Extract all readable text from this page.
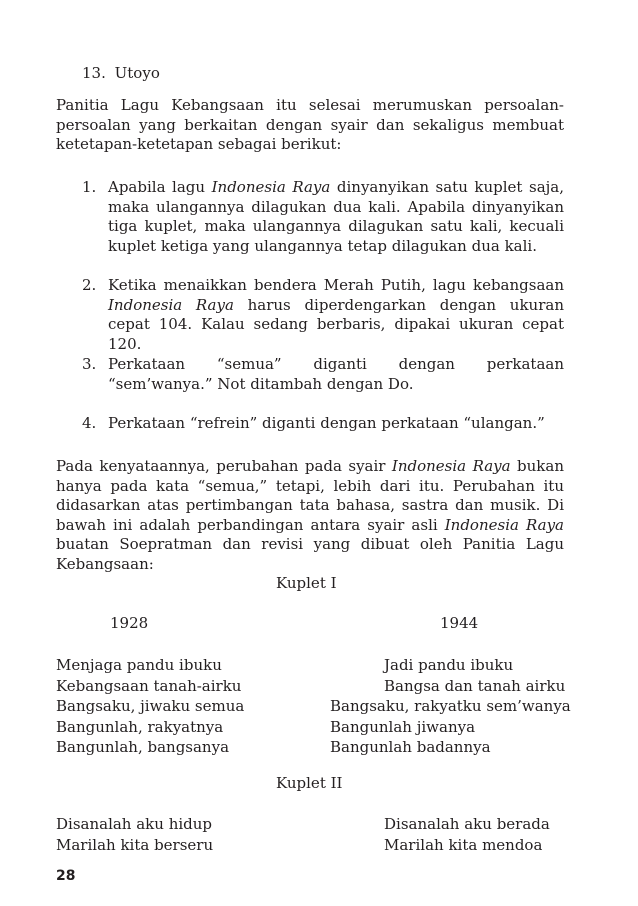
13. Utoyo
Panitia Lagu Kebangsaan itu selesai merumuskan persoalan-persoalan yang berkaitan dengan syair dan sekaligus membuat ketetapan-ketetapan sebagai berikut:
1. Apabila lagu Indonesia Raya dinyanyikan satu kuplet saja, maka ulangannya dilagukan dua kali. Apabila dinyanyikan tiga kuplet, maka ulangannya dilagukan satu kali, kecuali kuplet ketiga yang ulangannya tetap dilagukan dua kali.
2. Ketika menaikkan bendera Merah Putih, lagu kebangsaan Indonesia Raya harus diperdengarkan dengan ukuran cepat 104. Kalau sedang berbaris, dipakai ukuran cepat 120.
3. Perkataan “semua” diganti dengan perkataan “sem’wanya.” Not ditambah dengan Do.
4. Perkataan “refrein” diganti dengan perkataan “ulangan.”
Pada kenyataannya, perubahan pada syair Indonesia Raya bukan hanya pada kata “semua,” tetapi, lebih dari itu. Perubahan itu didasarkan atas pertimbangan tata bahasa, sastra dan musik. Di bawah ini adalah perbandingan antara syair asli Indonesia Raya buatan Soepratman dan revisi yang dibuat oleh Panitia Lagu Kebangsaan:
Kuplet I
1928	1944
Menjaga pandu ibuku
Kebangsaan tanah-airku
Bangsaku, jiwaku semua
Bangunlah, rakyatnya
Bangunlah, bangsanya
Jadi pandu ibuku
Bangsa dan tanah airku
Bangsaku, rakyatku sem’wanya
Bangunlah jiwanya
Bangunlah badannya
Kuplet II
Disanalah aku hidup
Marilah kita berseru
Disanalah aku berada
Marilah kita mendoa
28
